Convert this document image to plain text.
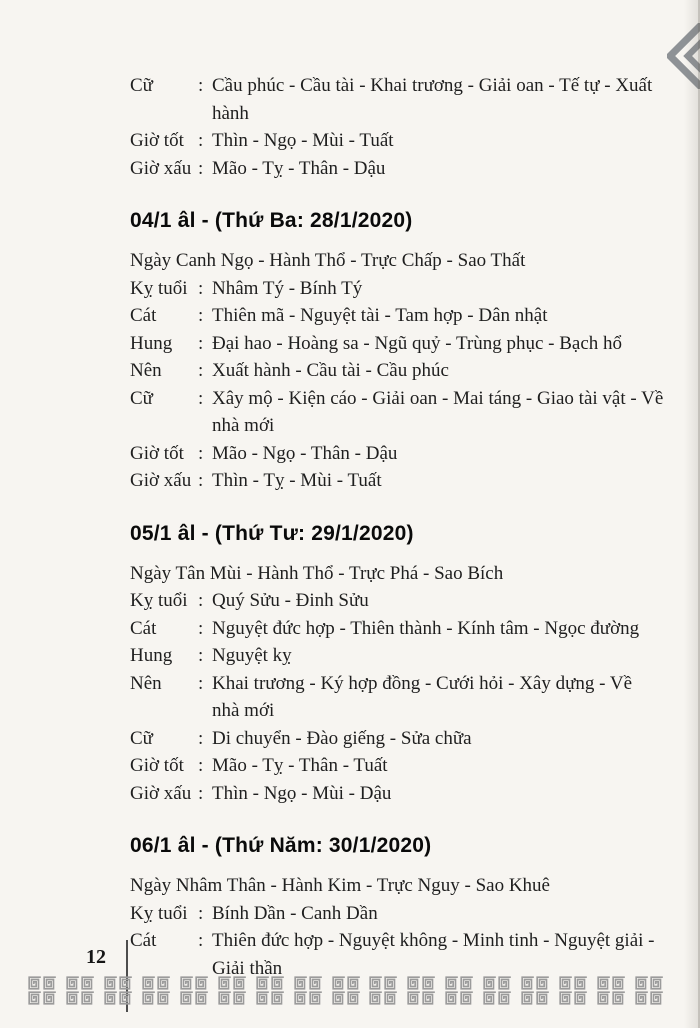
Cữ	: Cầu phúc - Cầu tài - Khai trương - Giải oan - Tế tự - Xuất hành
Giờ tốt : Thìn - Ngọ - Mùi - Tuất
Giờ xấu : Mão - Tỵ - Thân - Dậu
04/1 âl - (Thứ Ba: 28/1/2020)

Ngày Canh Ngọ - Hành Thổ - Trực Chấp - Sao Thất

Kỵ tuổi : Nhâm Tý - Bính Tý
Cát	: Thiên mã - Nguyệt tài - Tam hợp - Dân nhật
Hung	: Đại hao - Hoàng sa - Ngũ quỷ - Trùng phục - Bạch hổ
Nên	: Xuất hành - Cầu tài - Cầu phúc
Cữ	: Xây mộ - Kiện cáo - Giải oan - Mai táng - Giao tài vật - Về nhà mới
Giờ tốt : Mão - Ngọ - Thân - Dậu
Giờ xấu : Thìn - Tỵ - Mùi - Tuất
05/1 âl - (Thứ Tư: 29/1/2020)

Ngày Tân Mùi - Hành Thổ - Trực Phá - Sao Bích

Kỵ tuổi : Quý Sửu - Đinh Sửu
Cát	: Nguyệt đức hợp - Thiên thành - Kính tâm - Ngọc đường
Hung	: Nguyệt kỵ
Nên	: Khai trương - Ký hợp đồng - Cưới hỏi - Xây dựng - Về nhà mới
Cữ	: Di chuyển - Đào giếng - Sửa chữa
Giờ tốt : Mão - Tỵ - Thân - Tuất
Giờ xấu : Thìn - Ngọ - Mùi - Dậu
06/1 âl - (Thứ Năm: 30/1/2020)

Ngày Nhâm Thân - Hành Kim - Trực Nguy - Sao Khuê

Kỵ tuổi : Bính Dần - Canh Dần
Cát	: Thiên đức hợp - Nguyệt không - Minh tinh - Nguyệt giải - Giải thần
12
